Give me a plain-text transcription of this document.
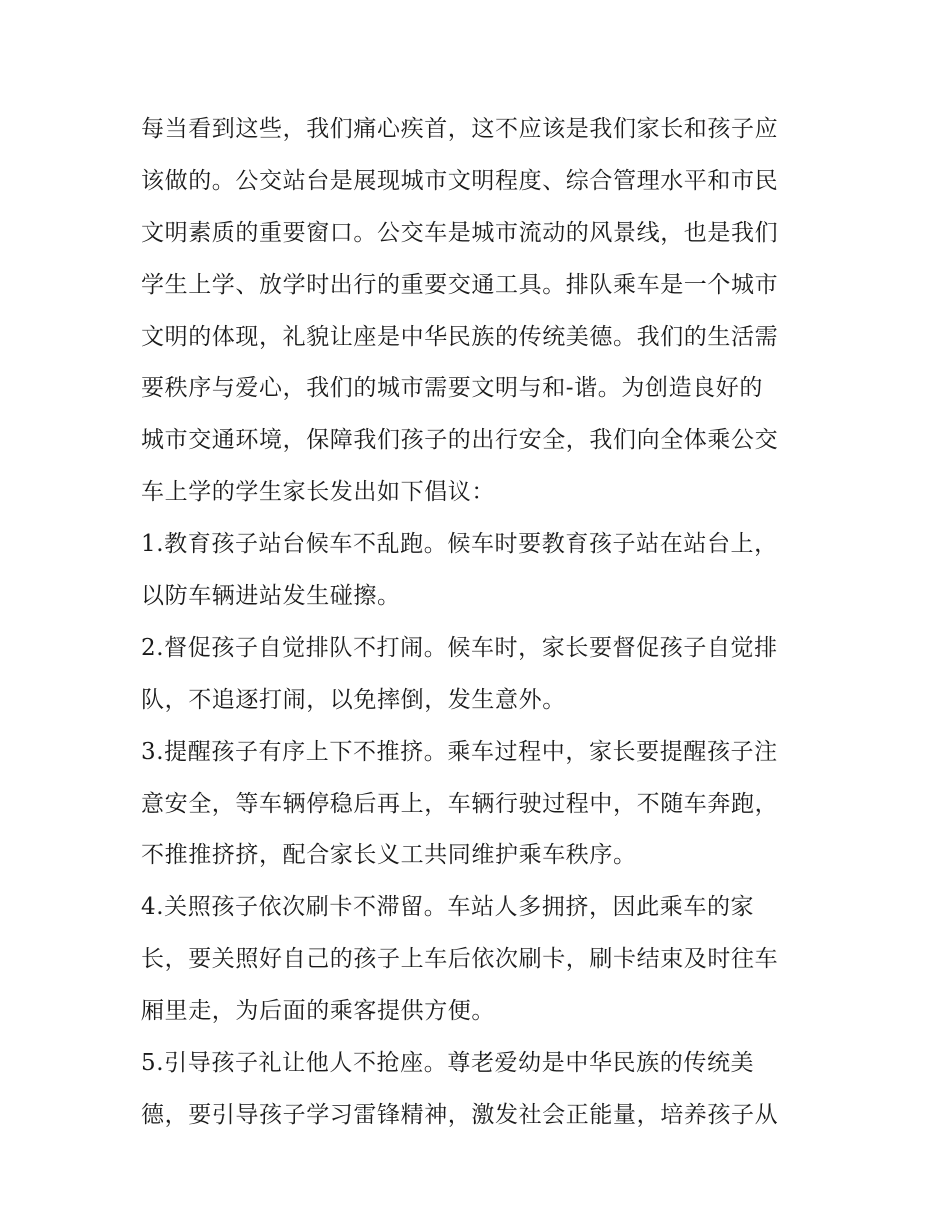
每当看到这些，我们痛心疾首，这不应该是我们家长和孩子应
该做的。公交站台是展现城市文明程度、综合管理水平和市民
文明素质的重要窗口。公交车是城市流动的风景线，也是我们
学生上学、放学时出行的重要交通工具。排队乘车是一个城市
文明的体现，礼貌让座是中华民族的传统美德。我们的生活需
要秩序与爱心，我们的城市需要文明与和-谐。为创造良好的
城市交通环境，保障我们孩子的出行安全，我们向全体乘公交
车上学的学生家长发出如下倡议：
1.教育孩子站台候车不乱跑。候车时要教育孩子站在站台上，
以防车辆进站发生碰擦。
2.督促孩子自觉排队不打闹。候车时，家长要督促孩子自觉排
队，不追逐打闹，以免摔倒，发生意外。
3.提醒孩子有序上下不推挤。乘车过程中，家长要提醒孩子注
意安全，等车辆停稳后再上，车辆行驶过程中，不随车奔跑，
不推推挤挤，配合家长义工共同维护乘车秩序。
4.关照孩子依次刷卡不滞留。车站人多拥挤，因此乘车的家
长，要关照好自己的孩子上车后依次刷卡，刷卡结束及时往车
厢里走，为后面的乘客提供方便。
5.引导孩子礼让他人不抢座。尊老爱幼是中华民族的传统美
德，要引导孩子学习雷锋精神，激发社会正能量，培养孩子从
